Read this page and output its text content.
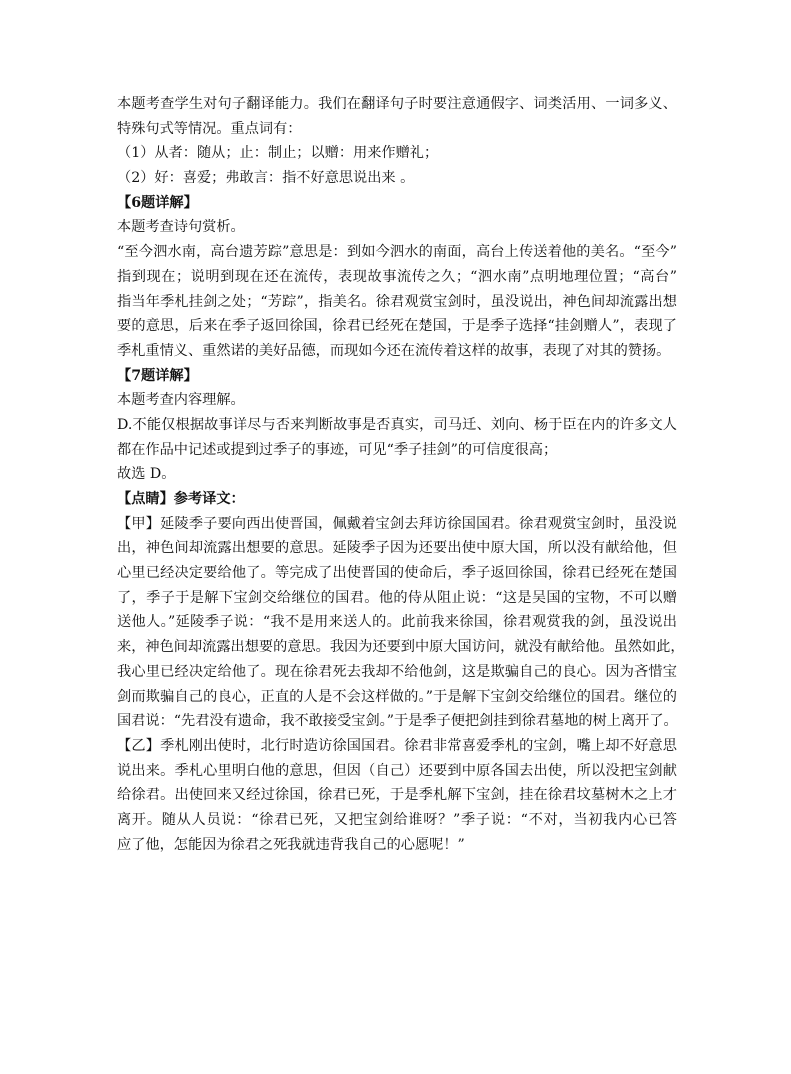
本题考查学生对句子翻译能力。我们在翻译句子时要注意通假字、词类活用、一词多义、
特殊句式等情况。重点词有：
（1）从者：随从；止：制止；以赠：用来作赠礼；
（2）好：喜爱；弗敢言：指不好意思说出来 。
【6题详解】
本题考查诗句赏析。
“至今泗水南，高台遗芳踪”意思是：到如今泗水的南面，高台上传送着他的美名。“至今”
指到现在；说明到现在还在流传，表现故事流传之久；“泗水南”点明地理位置；“高台”
指当年季札挂剑之处；“芳踪”，指美名。徐君观赏宝剑时，虽没说出，神色间却流露出想
要的意思，后来在季子返回徐国，徐君已经死在楚国，于是季子选择“挂剑赠人”，表现了
季札重情义、重然诺的美好品德，而现如今还在流传着这样的故事，表现了对其的赞扬。
【7题详解】
本题考查内容理解。
D.不能仅根据故事详尽与否来判断故事是否真实，司马迁、刘向、杨于臣在内的许多文人
都在作品中记述或提到过季子的事迹，可见“季子挂剑”的可信度很高；
故选 D。
【点睛】参考译文：
【甲】延陵季子要向西出使晋国，佩戴着宝剑去拜访徐国国君。徐君观赏宝剑时，虽没说
出，神色间却流露出想要的意思。延陵季子因为还要出使中原大国，所以没有献给他，但
心里已经决定要给他了。等完成了出使晋国的使命后，季子返回徐国，徐君已经死在楚国
了，季子于是解下宝剑交给继位的国君。他的侍从阻止说：“这是吴国的宝物，不可以赠
送他人。”延陵季子说：“我不是用来送人的。此前我来徐国，徐君观赏我的剑，虽没说出
来，神色间却流露出想要的意思。我因为还要到中原大国访问，就没有献给他。虽然如此，
我心里已经决定给他了。现在徐君死去我却不给他剑，这是欺骗自己的良心。因为吝惜宝
剑而欺骗自己的良心，正直的人是不会这样做的。”于是解下宝剑交给继位的国君。继位的
国君说：“先君没有遗命，我不敢接受宝剑。”于是季子便把剑挂到徐君墓地的树上离开了。
【乙】季札刚出使时，北行时造访徐国国君。徐君非常喜爱季札的宝剑，嘴上却不好意思
说出来。季札心里明白他的意思，但因（自己）还要到中原各国去出使，所以没把宝剑献
给徐君。出使回来又经过徐国，徐君已死，于是季札解下宝剑，挂在徐君坟墓树木之上才
离开。随从人员说：“徐君已死，又把宝剑给谁呀？”季子说：“不对，当初我内心已答
应了他，怎能因为徐君之死我就违背我自己的心愿呢！”
